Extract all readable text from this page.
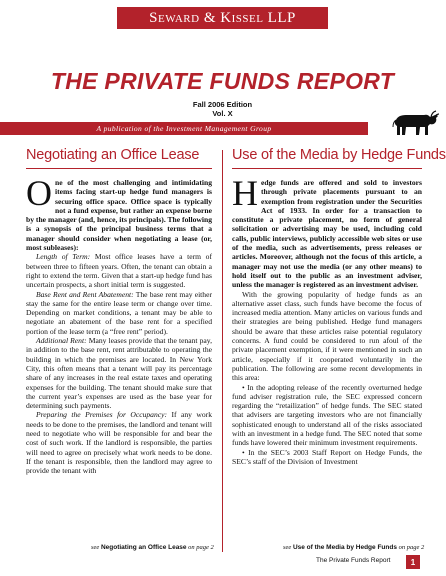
Seward & Kissel LLP
THE PRIVATE FUNDS REPORT
Fall 2006 Edition
Vol. X
A publication of the Investment Management Group
Negotiating an Office Lease

One of the most challenging and intimidating items facing start-up hedge fund managers is securing office space. Office space is typically not a fund expense, but rather an expense borne by the manager (and, hence, its principals). The following is a synopsis of the principal business terms that a manager should consider when negotiating a lease (or, most subleases):

Length of Term: Most office leases have a term of between three to fifteen years. Often, the tenant can obtain a right to extend the term. Given that a start-up hedge fund has uncertain prospects, a short initial term is suggested.

Base Rent and Rent Abatement: The base rent may either stay the same for the entire lease term or change over time. Depending on market conditions, a tenant may be able to negotiate an abatement of the base rent for a specified portion of the lease term (a “free rent” period).

Additional Rent: Many leases provide that the tenant pay, in addition to the base rent, rent attributable to operating the building in which the premises are located. In New York City, this often means that a tenant will pay its percentage share of any increases in the real estate taxes and operating expenses for the building. The tenant should make sure that the current year’s expenses are used as the base year for determining such payments.

Preparing the Premises for Occupancy: If any work needs to be done to the premises, the landlord and tenant will need to negotiate who will be responsible for and bear the cost of such work. If the landlord is responsible, the parties will need to agree on precisely what work needs to be done. If the tenant is responsible, then the landlord may agree to provide the tenant with

Use of the Media by Hedge Funds

Hedge funds are offered and sold to investors through private placements pursuant to an exemption from registration under the Securities Act of 1933. In order for a transaction to constitute a private placement, no form of general solicitation or advertising may be used, including cold calls, public interviews, publicly accessible web sites or use of the media, such as advertisements, press releases or articles. Moreover, although not the focus of this article, a manager may not use the media (or any other means) to hold itself out to the public as an investment adviser, unless the manager is registered as an investment adviser.

With the growing popularity of hedge funds as an alternative asset class, such funds have become the focus of increased media attention. Many articles on various funds and their strategies are being published. Hedge fund managers should be aware that these articles raise potential regulatory concerns. A fund could be considered to run afoul of the private placement exemption, if it were mentioned in such an article, especially if it cooperated voluntarily in the publication. The following are some recent developments in this area:

• In the adopting release of the recently overturned hedge fund adviser registration rule, the SEC expressed concern regarding the “retailization” of hedge funds. The SEC stated that advisers are targeting investors who are not financially sophisticated enough to understand all of the risks associated with an investment in a hedge fund. The SEC noted that some funds have lowered their minimum investment requirements.

• In the SEC’s 2003 Staff Report on Hedge Funds, the SEC’s staff of the Division of Investment

see Negotiating an Office Lease on page 2	see Use of the Media by Hedge Funds on page 2
The Private Funds Report	1
